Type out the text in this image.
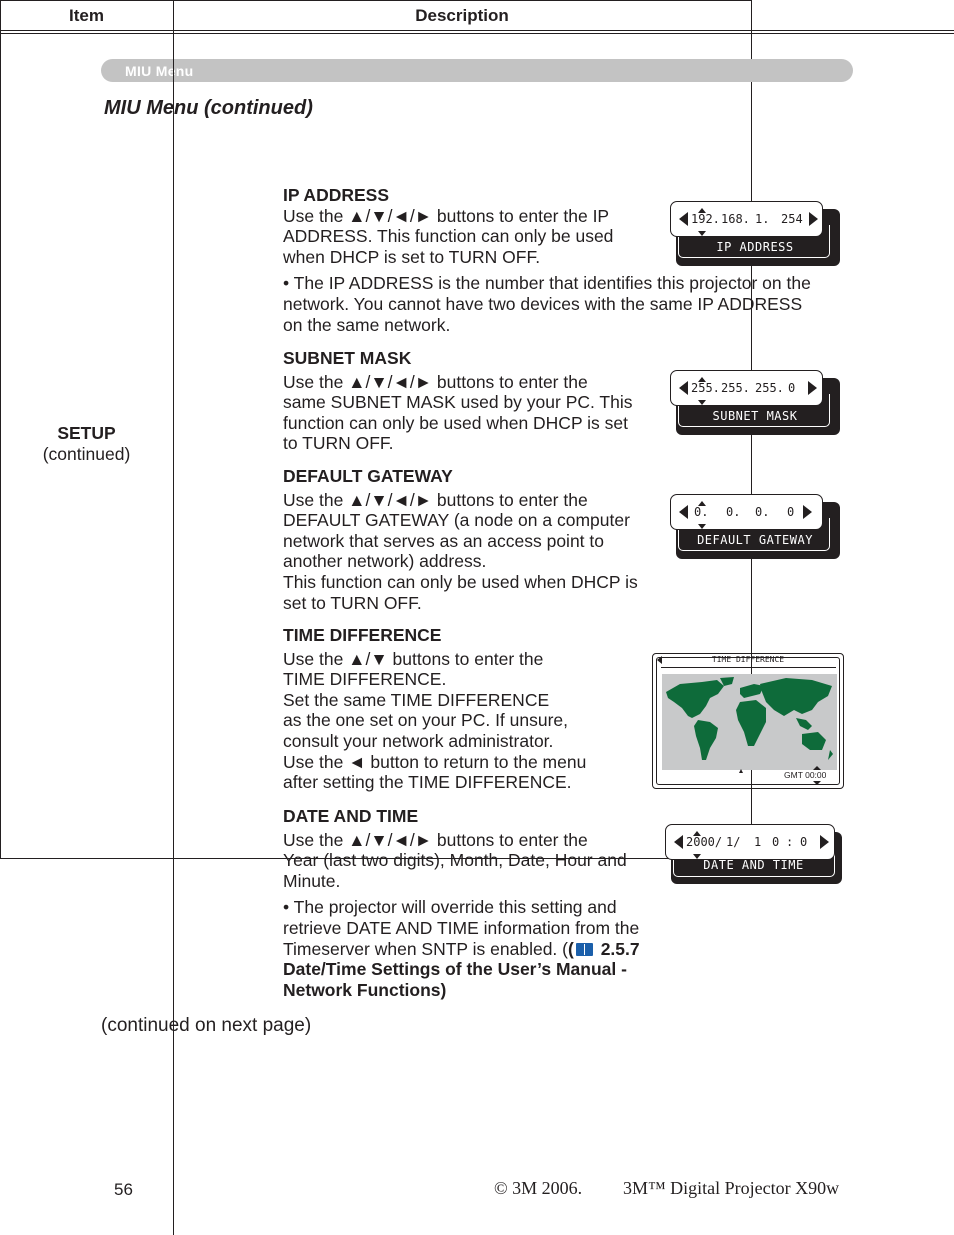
MIU Menu
MIU Menu (continued)
Item	Description
SETUP
(continued)
IP ADDRESS
Use the ▲/▼/◄/► buttons to enter the IP
ADDRESS. This function can only be used
when DHCP is set to TURN OFF.
• The IP ADDRESS is the number that identifies this projector on the
network. You cannot have two devices with the same IP ADDRESS
on the same network.
192. 168. 1. 254
IP ADDRESS
SUBNET MASK
Use the ▲/▼/◄/► buttons to enter the
same SUBNET MASK used by your PC. This
function can only be used when DHCP is set
to TURN OFF.
255. 255. 255. 0
SUBNET MASK
DEFAULT GATEWAY
Use the ▲/▼/◄/► buttons to enter the
DEFAULT GATEWAY (a node on a computer
network that serves as an access point to
another network) address.
This function can only be used when DHCP is
set to TURN OFF.
0.	0.	0.	0
DEFAULT GATEWAY
TIME DIFFERENCE
Use the ▲/▼ buttons to enter the
TIME DIFFERENCE.
Set the same TIME DIFFERENCE
as the one set on your PC. If unsure,
consult your network administrator.
Use the ◄ button to return to the menu
after setting the TIME DIFFERENCE.
TIME DIFFERENCE
GMT 00:00
DATE AND TIME
Use the ▲/▼/◄/► buttons to enter the
Year (last two digits), Month, Date, Hour and
Minute.
• The projector will override this setting and
retrieve DATE AND TIME information from the
Timeserver when SNTP is enabled. (( 2.5.7
Date/Time Settings of the User’s Manual -
Network Functions)
2000/ 1/	1 0 : 0
DATE AND TIME
(continued on next page)
56	© 3M 2006. 3M™ Digital Projector X90w
